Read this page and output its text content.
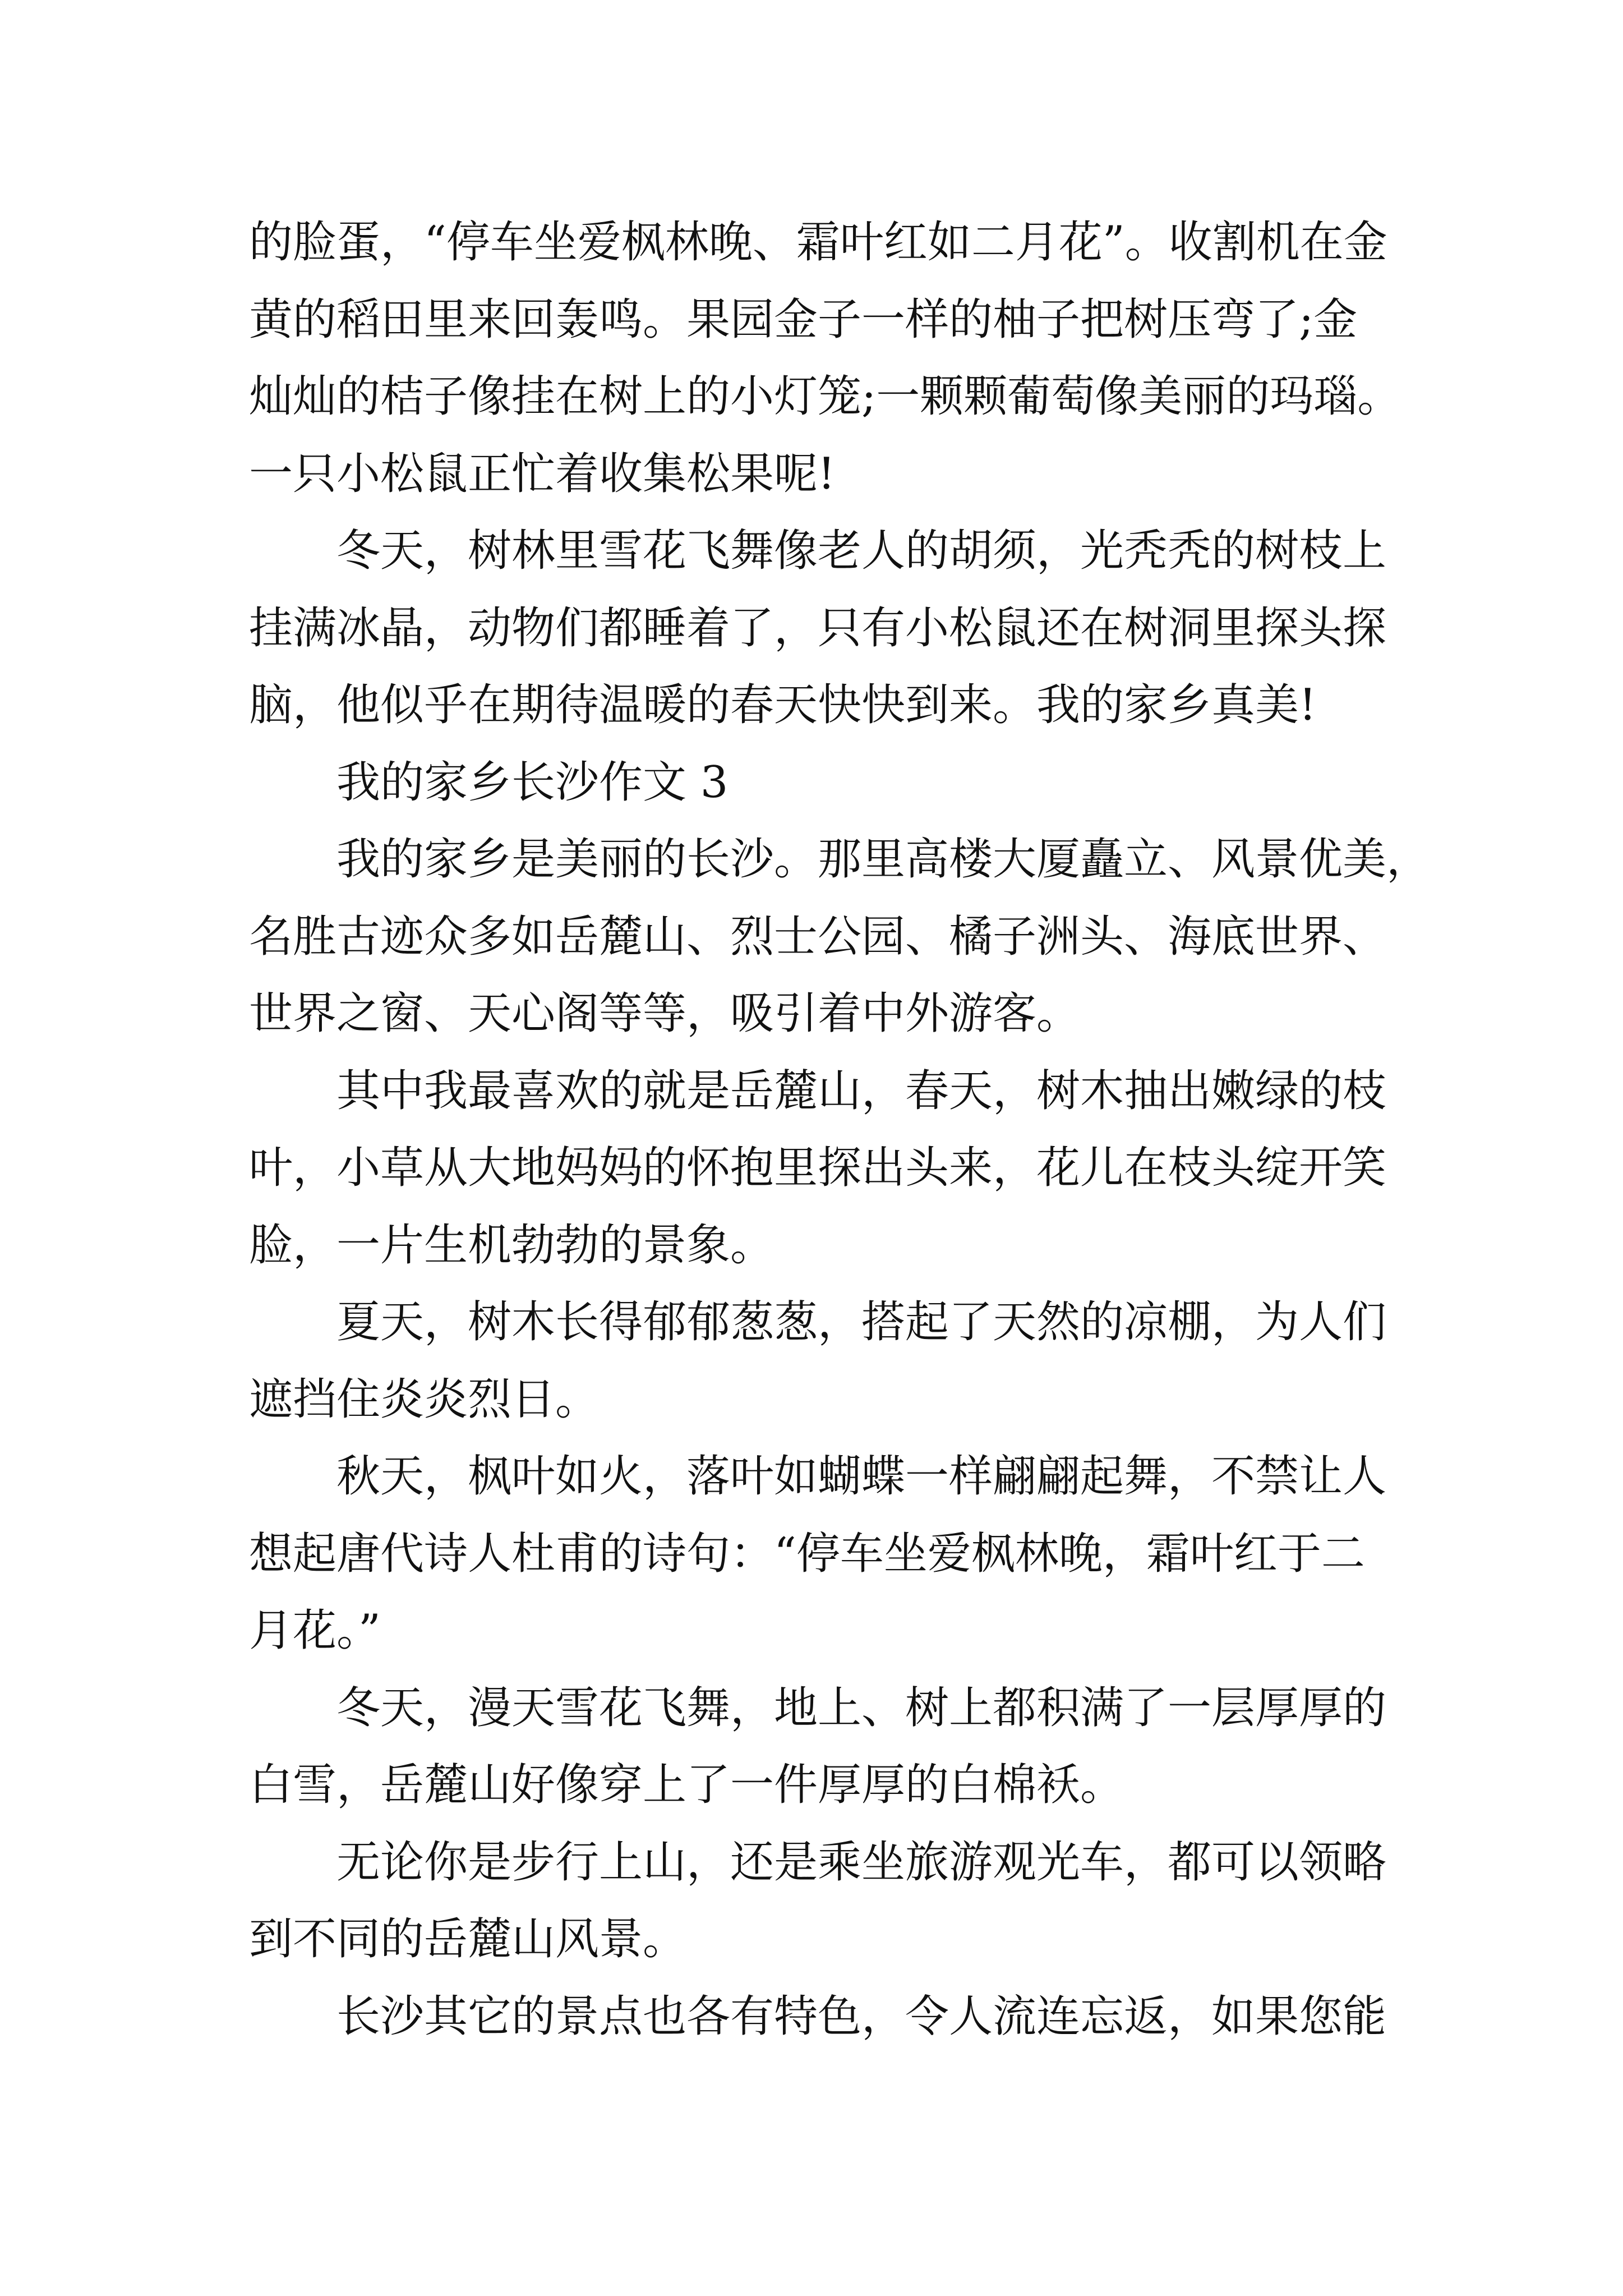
的脸蛋，“停车坐爱枫林晚、霜叶红如二月花”。收割机在金
黄的稻田里来回轰鸣。果园金子一样的柚子把树压弯了;金
灿灿的桔子像挂在树上的小灯笼;一颗颗葡萄像美丽的玛瑙。
一只小松鼠正忙着收集松果呢!
冬天，树林里雪花飞舞像老人的胡须，光秃秃的树枝上
挂满冰晶，动物们都睡着了，只有小松鼠还在树洞里探头探
脑，他似乎在期待温暖的春天快快到来。我的家乡真美!
我的家乡长沙作文 3
我的家乡是美丽的长沙。那里高楼大厦矗立、风景优美，
名胜古迹众多如岳麓山、烈士公园、橘子洲头、海底世界、
世界之窗、天心阁等等，吸引着中外游客。
其中我最喜欢的就是岳麓山，春天，树木抽出嫩绿的枝
叶，小草从大地妈妈的怀抱里探出头来，花儿在枝头绽开笑
脸，一片生机勃勃的景象。
夏天，树木长得郁郁葱葱，搭起了天然的凉棚，为人们
遮挡住炎炎烈日。
秋天，枫叶如火，落叶如蝴蝶一样翩翩起舞，不禁让人
想起唐代诗人杜甫的诗句：“停车坐爱枫林晚，霜叶红于二
月花。”
冬天，漫天雪花飞舞，地上、树上都积满了一层厚厚的
白雪，岳麓山好像穿上了一件厚厚的白棉袄。
无论你是步行上山，还是乘坐旅游观光车，都可以领略
到不同的岳麓山风景。
长沙其它的景点也各有特色，令人流连忘返，如果您能
